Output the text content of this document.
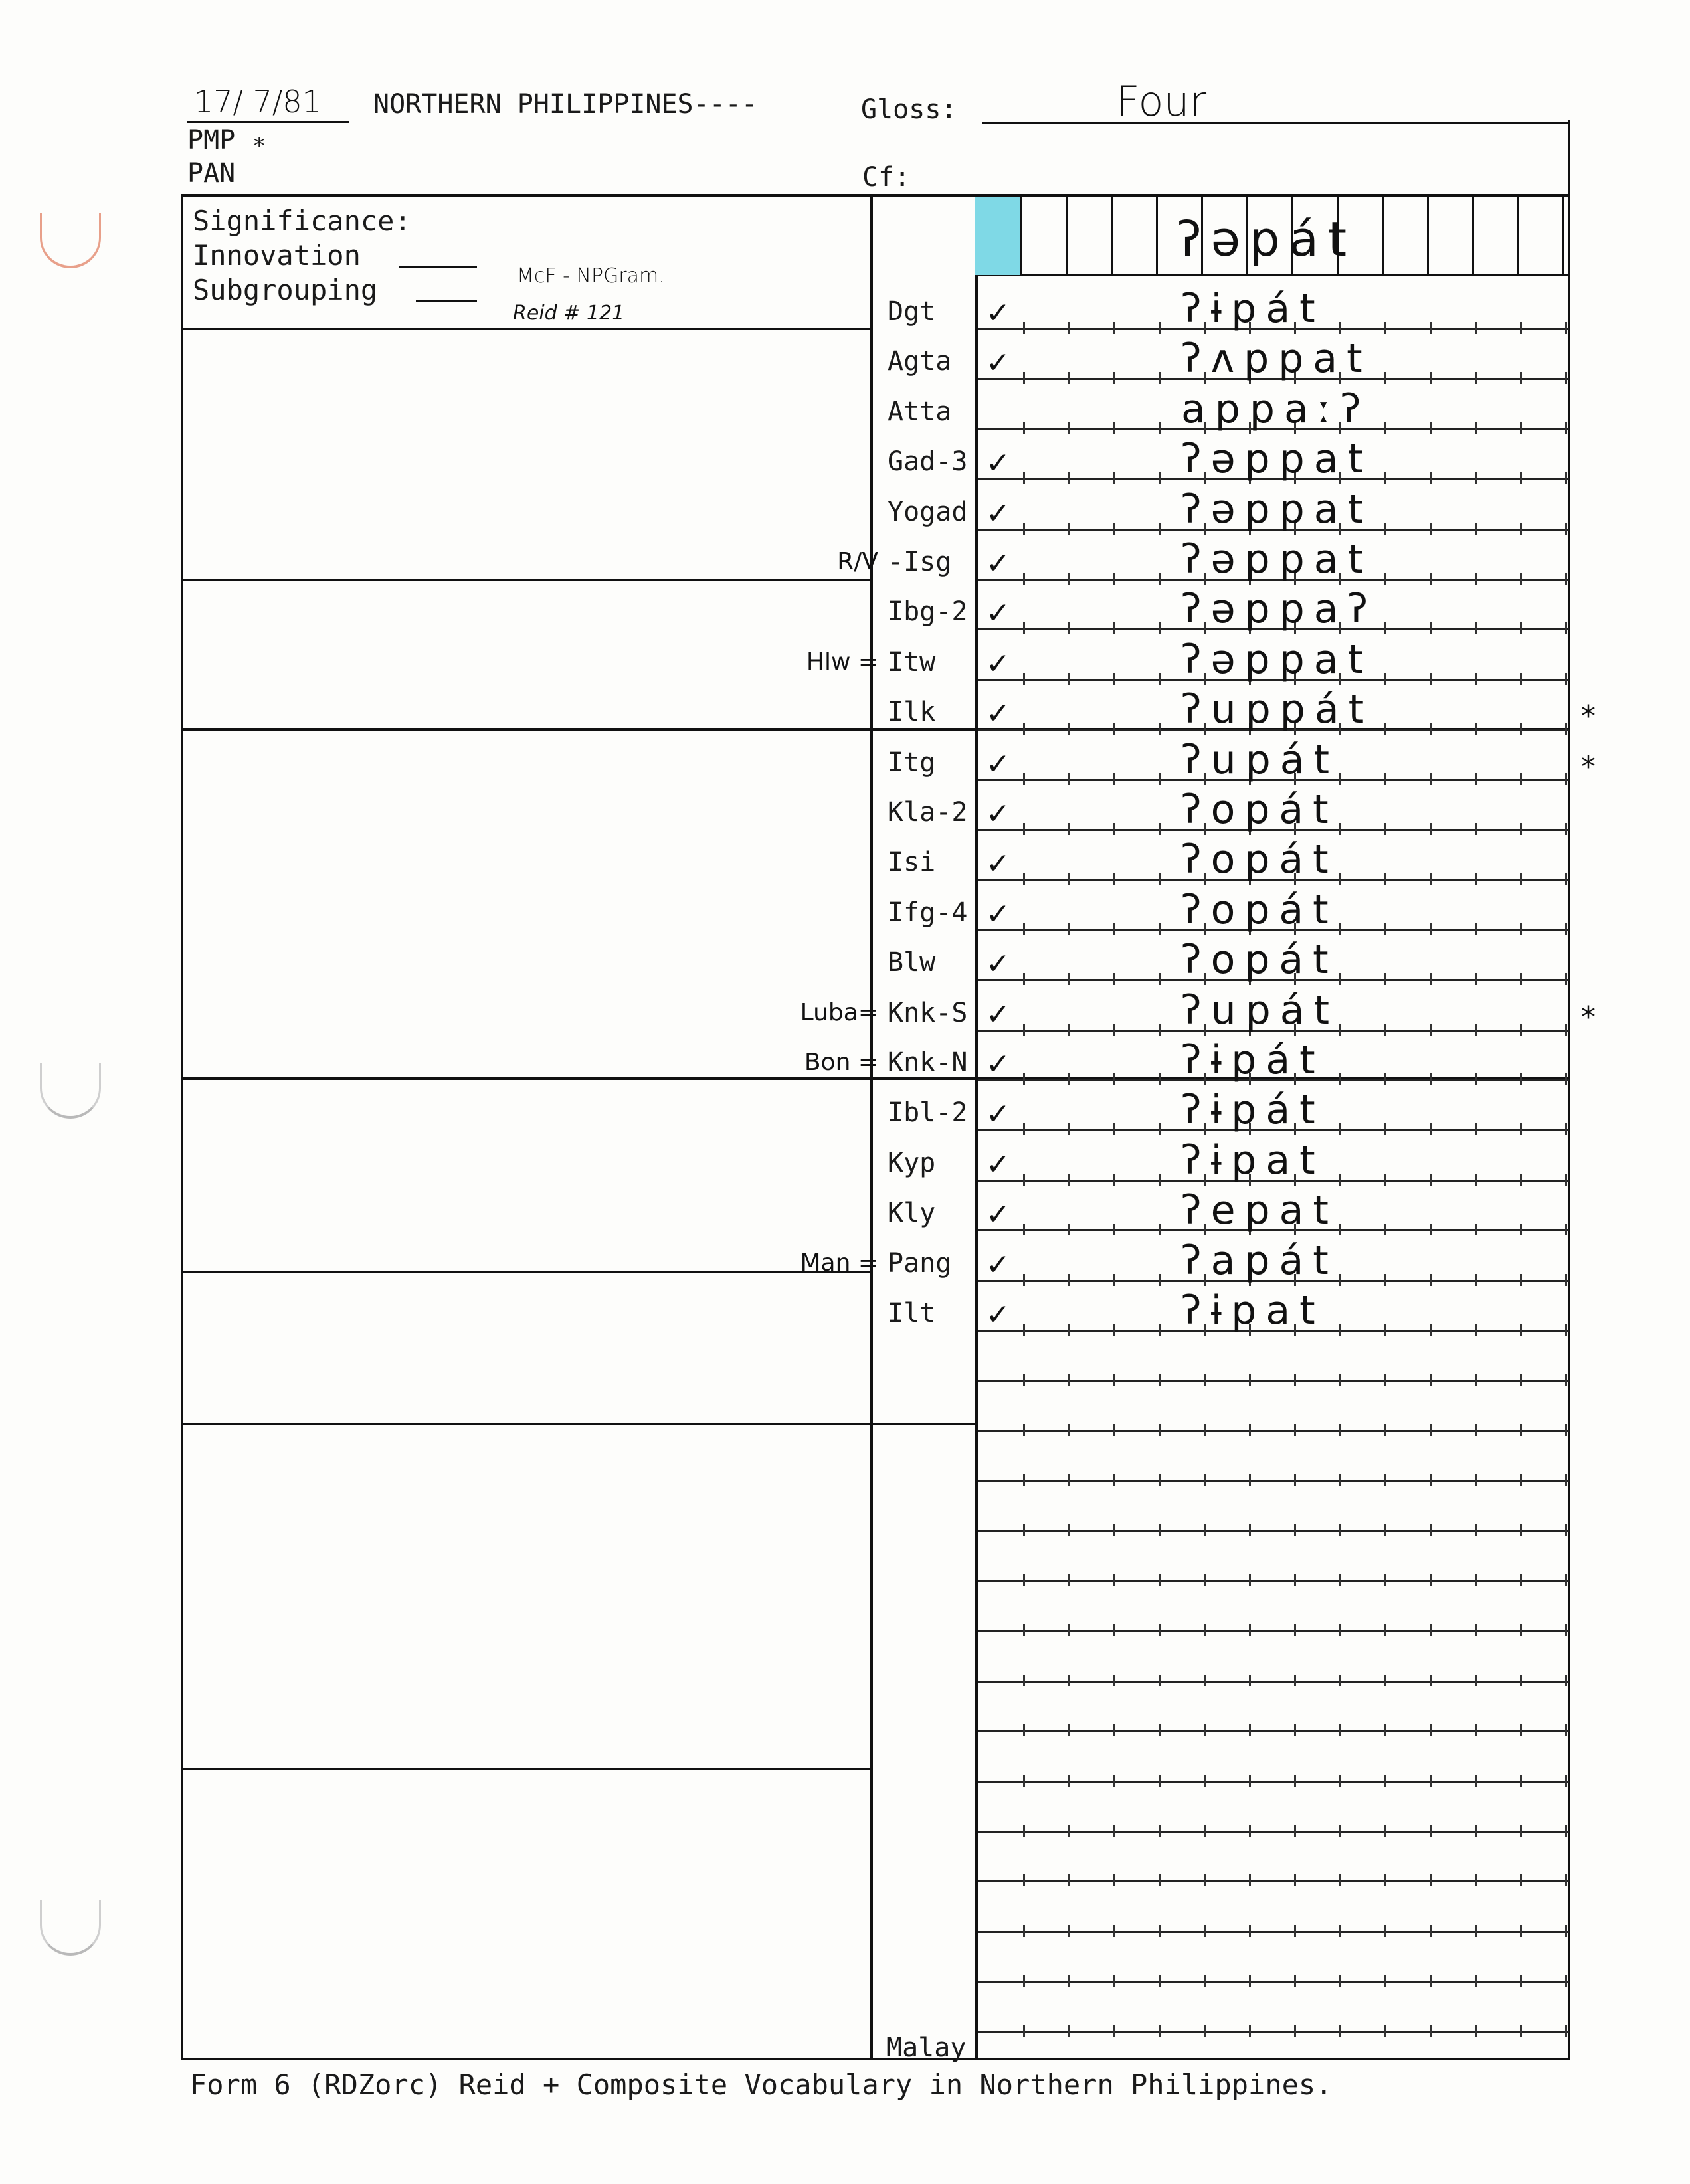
17/ 7/81 NORTHERN PHILIPPINES----	Gloss:	Four
PMP *
PAN	Cf:
Significance:
Innovation
Subgrouping	McF - NPGram.
Reid # 121
ʔəpát
Malay
Form 6 (RDZorc) Reid + Composite Vocabulary in Northern Philippines.
Dgt ✓	ʔɨpát
Agta ✓	ʔʌppat
Atta	appaːʔ
Gad-3 ✓	ʔəppat
Yogad ✓	ʔəppat
R/V -Isg ✓	ʔəppat
Ibg-2 ✓	ʔəppaʔ
Hlw = Itw ✓	ʔəppat
Ilk ✓	ʔuppát	*
Itg ✓	ʔupát	*
Kla-2 ✓	ʔopát
Isi ✓	ʔopát
Ifg-4 ✓	ʔopát
Blw ✓	ʔopát
Luba= Knk-S ✓	ʔupát	*
Bon = Knk-N ✓	ʔɨpát
Ibl-2 ✓	ʔɨpát
Kyp ✓	ʔɨpat
Kly ✓	ʔepat
Man = Pang ✓	ʔapát
Ilt ✓	ʔɨpat
